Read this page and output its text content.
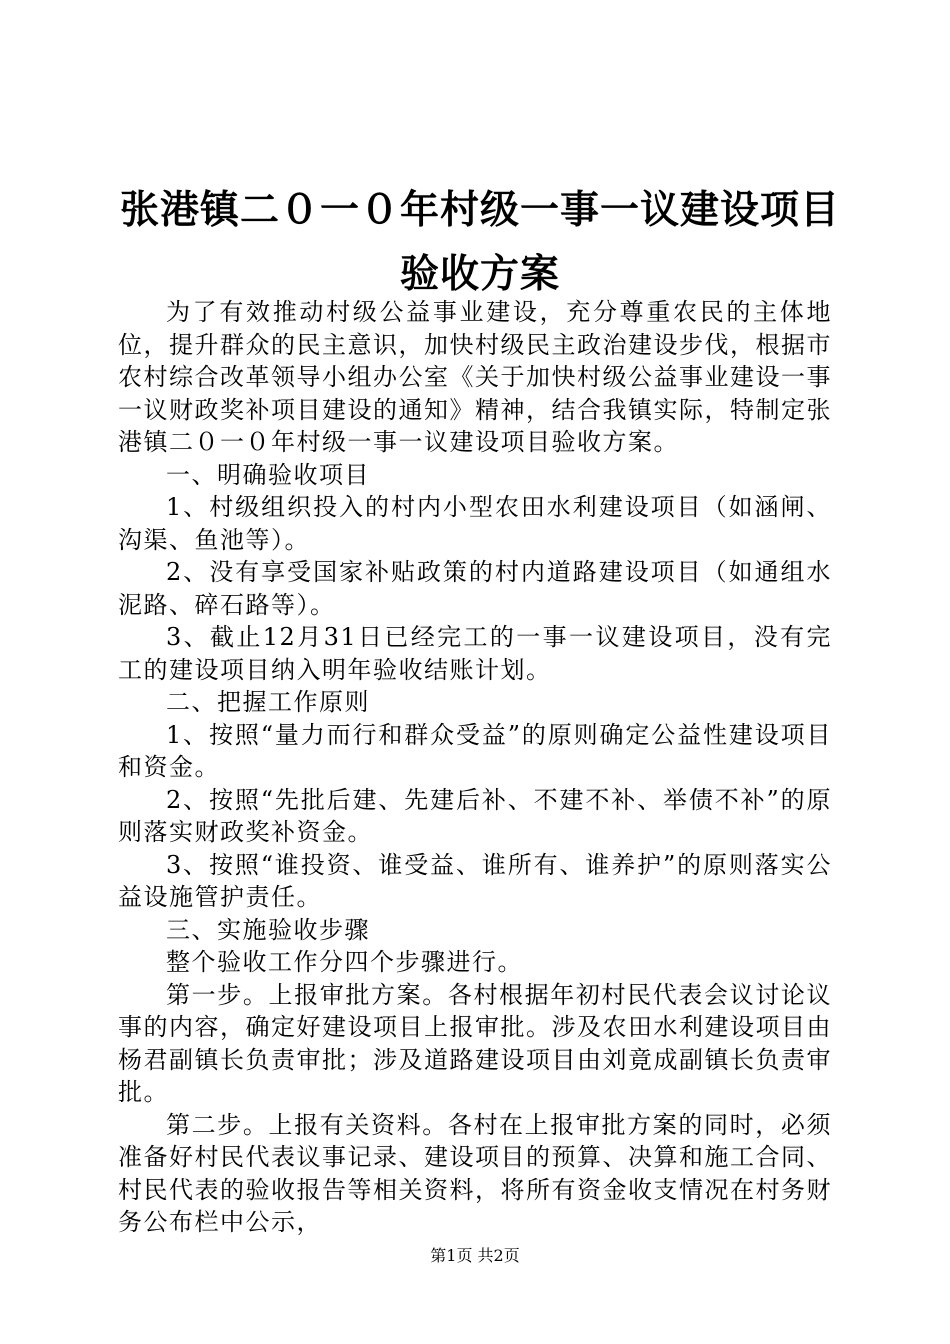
张港镇二０一０年村级一事一议建设项目验收方案

为了有效推动村级公益事业建设，充分尊重农民的主体地位，提升群众的民主意识，加快村级民主政治建设步伐，根据市农村综合改革领导小组办公室《关于加快村级公益事业建设一事一议财政奖补项目建设的通知》精神，结合我镇实际，特制定张港镇二０一０年村级一事一议建设项目验收方案。

一、明确验收项目

1、村级组织投入的村内小型农田水利建设项目（如涵闸、沟渠、鱼池等）。

2、没有享受国家补贴政策的村内道路建设项目（如通组水泥路、碎石路等）。

3、截止12月31日已经完工的一事一议建设项目，没有完工的建设项目纳入明年验收结账计划。

二、把握工作原则

1、按照“量力而行和群众受益”的原则确定公益性建设项目和资金。

2、按照“先批后建、先建后补、不建不补、举债不补”的原则落实财政奖补资金。

3、按照“谁投资、谁受益、谁所有、谁养护”的原则落实公益设施管护责任。

三、实施验收步骤

整个验收工作分四个步骤进行。

第一步。上报审批方案。各村根据年初村民代表会议讨论议事的内容，确定好建设项目上报审批。涉及农田水利建设项目由杨君副镇长负责审批；涉及道路建设项目由刘竟成副镇长负责审批。

第二步。上报有关资料。各村在上报审批方案的同时，必须准备好村民代表议事记录、建设项目的预算、决算和施工合同、村民代表的验收报告等相关资料，将所有资金收支情况在村务财务公布栏中公示，

第1页 共2页
